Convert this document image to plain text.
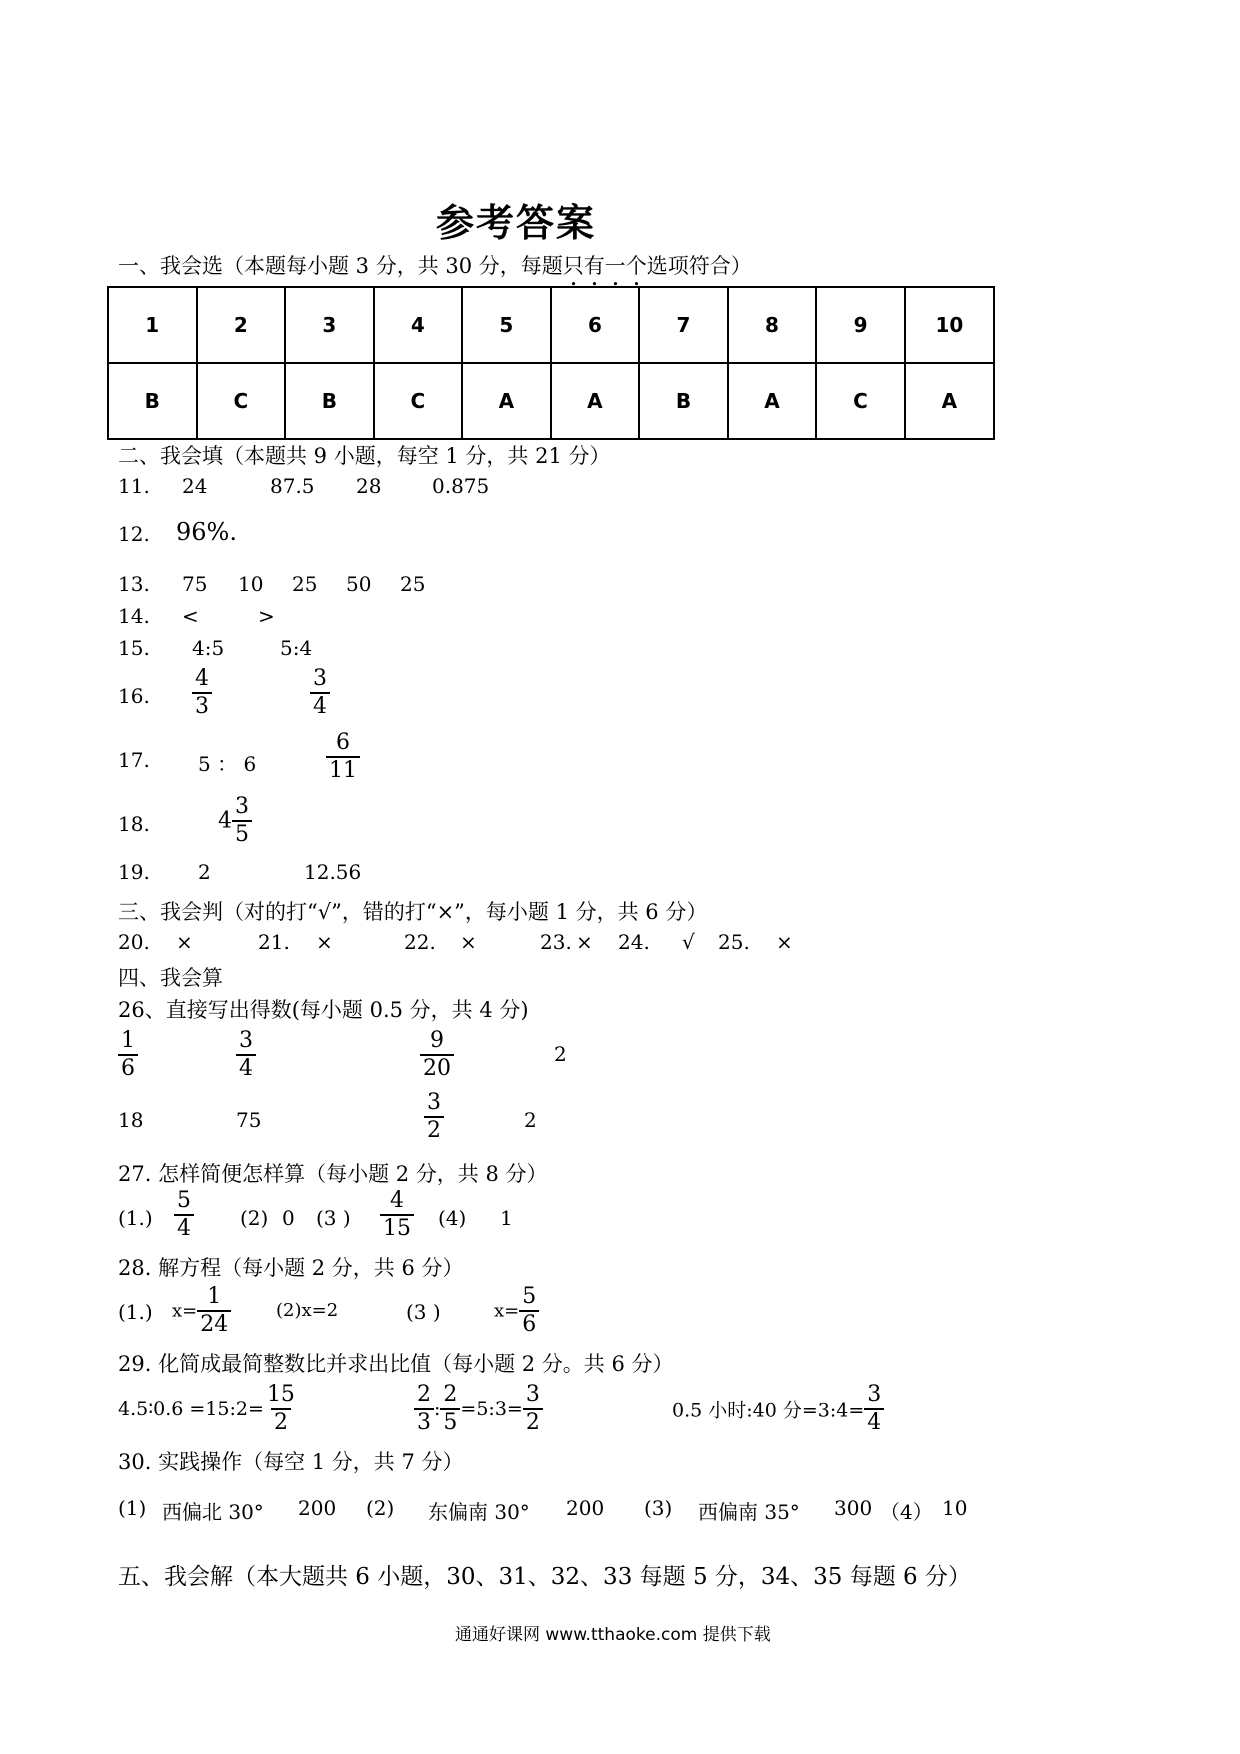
参考答案
一、我会选（本题每小题 3 分，共 30 分，每题只有一个选项符合）
1	2	3	4	5	6	7	8	9	10
B	C	B	C	A	A	B	A	C	A
二、我会填（本题共 9 小题，每空 1 分，共 21 分）
11. 24	87.5 28	0.875
12. 96%.
13. 75 10 25 50 25
14. <	>
15. 4:5	5:4
16. $\frac{4}{3}$	$\frac{3}{4}$
17. 5 ： 6	$\frac{6}{11}$
18.	$4 \frac{3}{5}$
19. 2	12.56
三、我会判（对的打“√”，错的打“×”，每小题 1 分，共 6 分）
20. ×	21. ×	22. ×	23. × 24. √ 25. ×
四、我会算
26、直接写出得数(每小题 0.5 分，共 4 分)
$\frac{1}{6}$	$\frac{3}{4}$	$\frac{9}{20}$	2
18	75	$\frac{3}{2}$	2
27. 怎样简便怎样算（每小题 2 分，共 8 分）
$(1.) \frac{5}{4} (2)$ 0 (3 ) $\frac{4}{15} (4)$ 1
28. 解方程（每小题 2 分，共 6 分）
(1.) $x= \frac{1}{24} (2)x=2$	(3 )	$x= \frac{5}{6}$
29. 化简成最简整数比并求出比值（每小题 2 分。共 6 分）
4.5∶0.6 =15:2= $\frac{15}{2}$	$\frac{2}{3}$ : $\frac{2}{5}$ =5:3= $\frac{3}{2}$	0.5 小时:40 分=3:4= $\frac{3}{4}$
30. 实践操作（每空 1 分，共 7 分）
(1) 西偏北 30° 200 (2) 东偏南 30° 200 (3) 西偏南 35° 300 （4） 10
五、我会解（本大题共 6 小题，30、31、32、33 每题 5 分，34、35 每题 6 分）
通通好课网 www.tthaoke.com 提供下载
